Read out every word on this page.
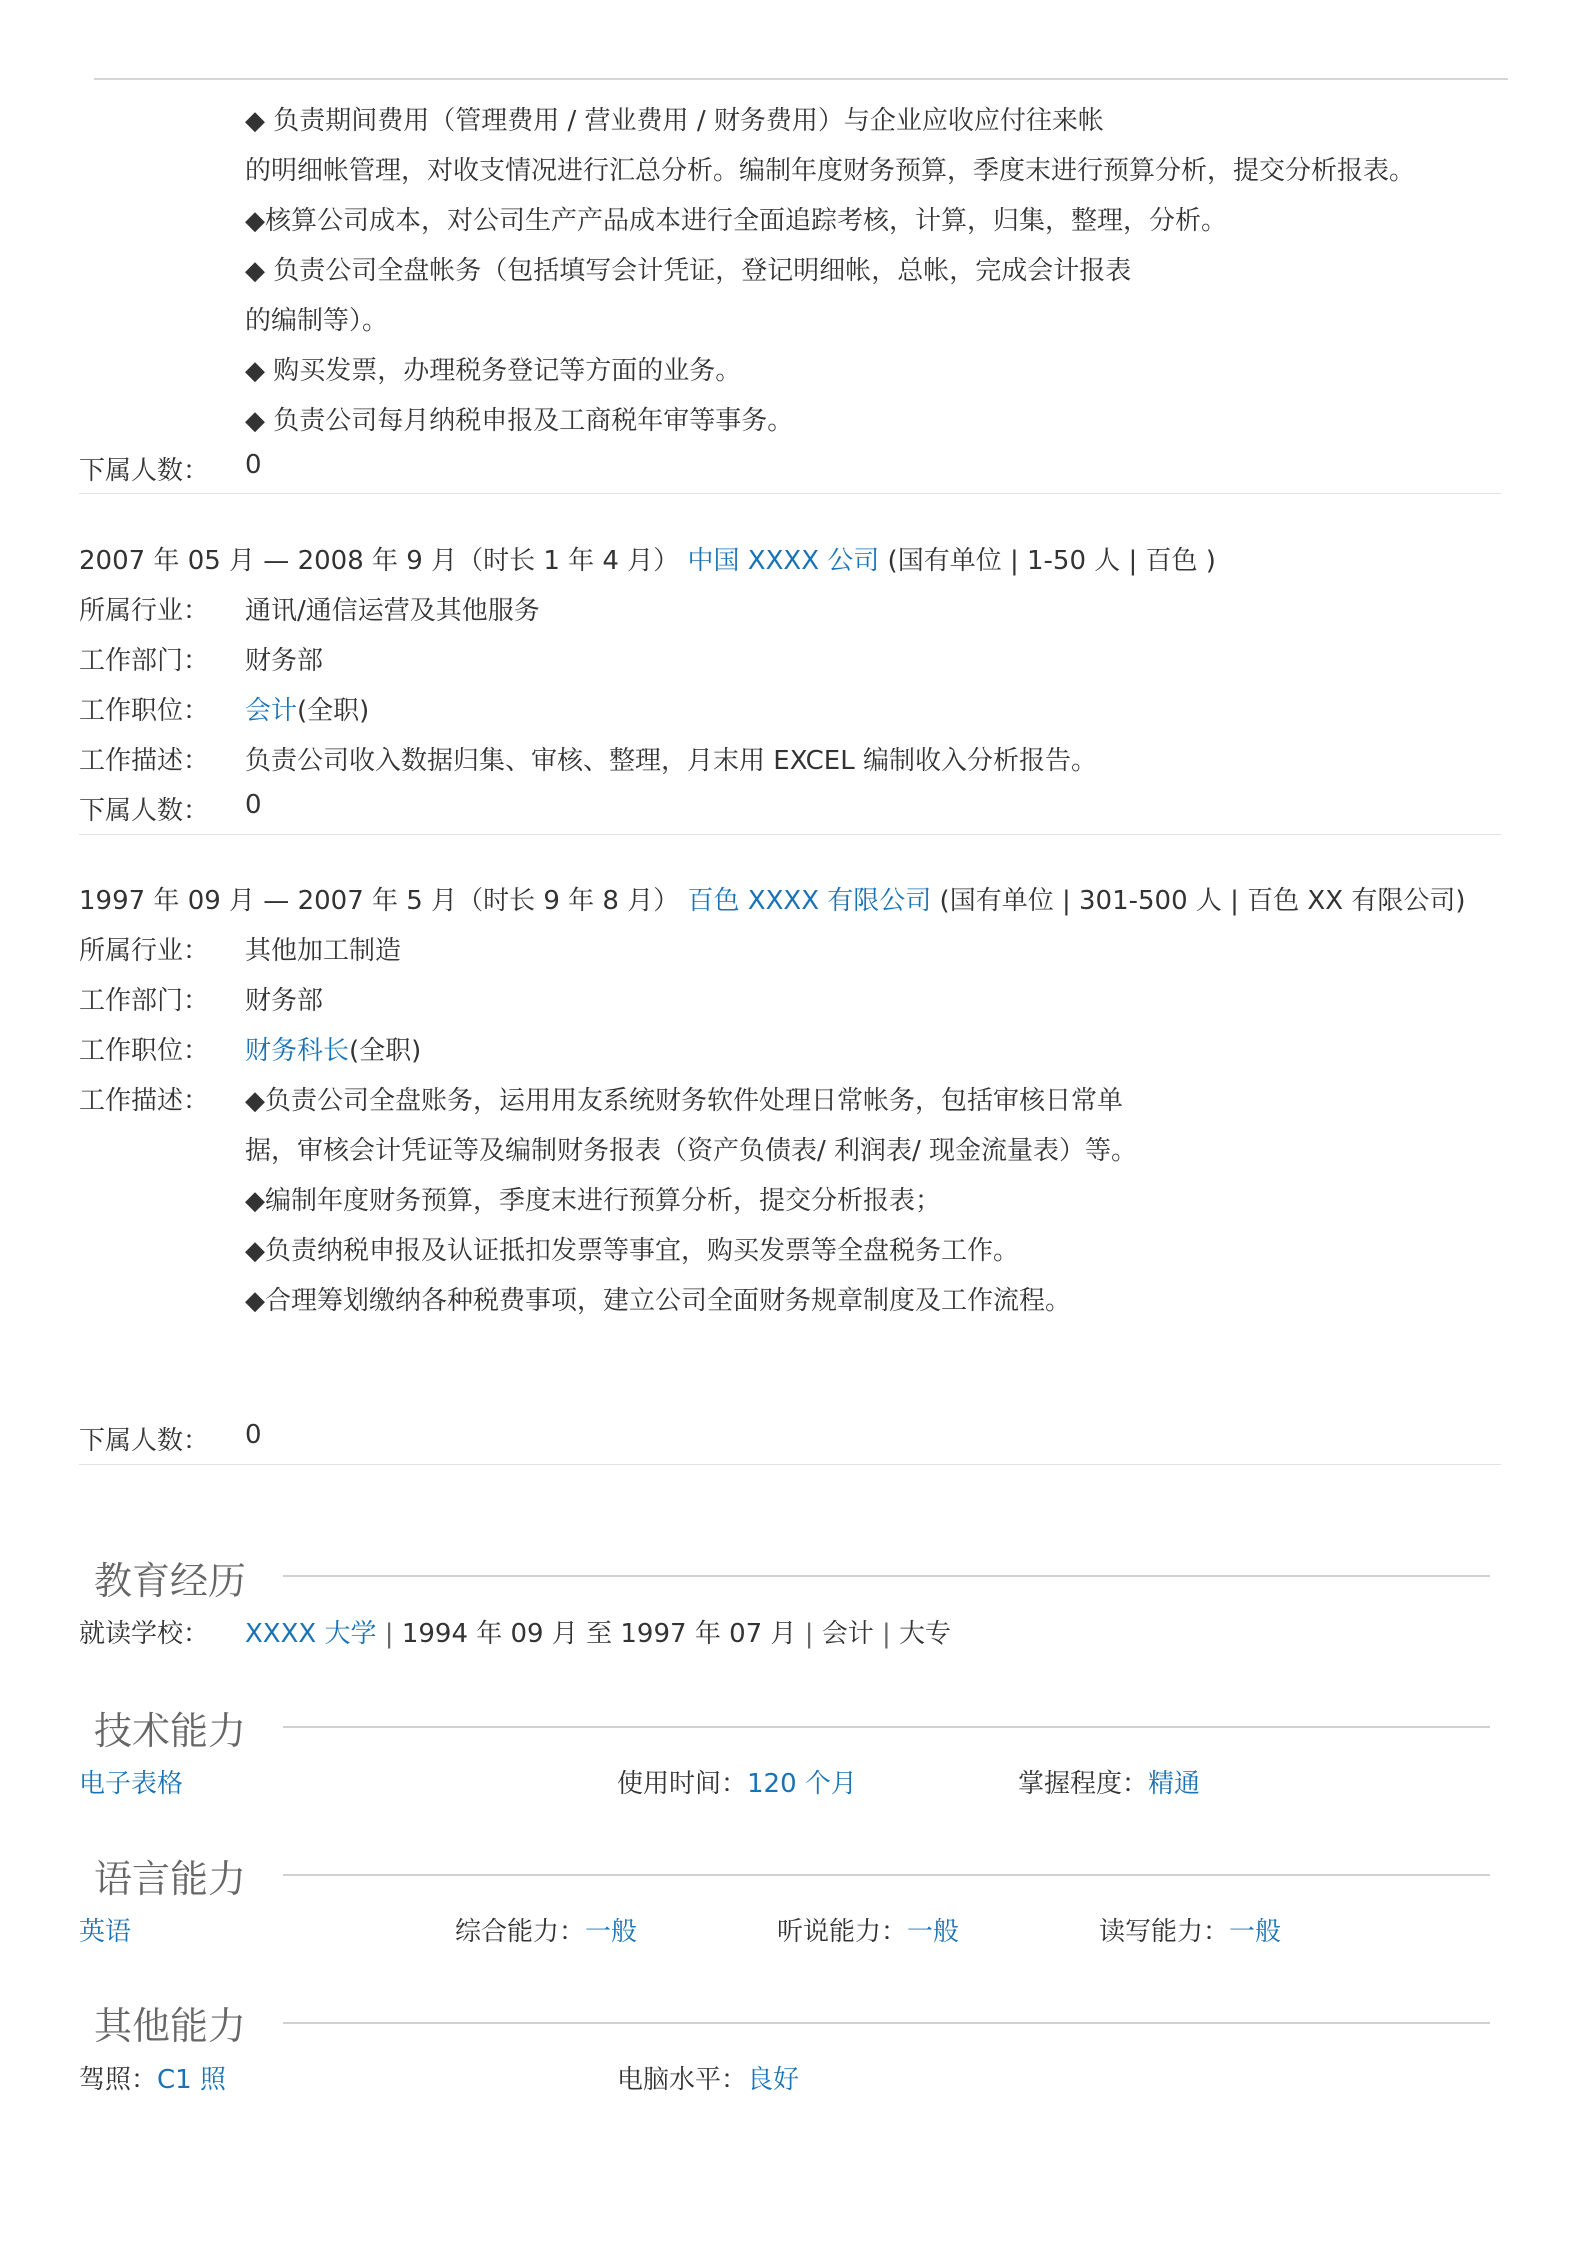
◆ 负责期间费用（管理费用 / 营业费用 / 财务费用）与企业应收应付往来帐
的明细帐管理，对收支情况进行汇总分析。编制年度财务预算，季度末进行预算分析，提交分析报表。
◆核算公司成本，对公司生产产品成本进行全面追踪考核，计算，归集，整理，分析。
◆ 负责公司全盘帐务（包括填写会计凭证，登记明细帐，总帐，完成会计报表
的编制等）。
◆ 购买发票，办理税务登记等方面的业务。
◆ 负责公司每月纳税申报及工商税年审等事务。
下属人数： 0
2007 年 05 月 — 2008 年 9 月（时长 1 年 4 月） 中国 XXXX 公司 (国有单位 | 1-50 人 | 百色 )
所属行业： 通讯/通信运营及其他服务
工作部门： 财务部
工作职位： 会计(全职)
工作描述： 负责公司收入数据归集、审核、整理，月末用 EXCEL 编制收入分析报告。
下属人数： 0
1997 年 09 月 — 2007 年 5 月（时长 9 年 8 月） 百色 XXXX 有限公司 (国有单位 | 301-500 人 | 百色 XX 有限公司)
所属行业： 其他加工制造
工作部门： 财务部
工作职位： 财务科长(全职)
工作描述： ◆负责公司全盘账务，运用用友系统财务软件处理日常帐务，包括审核日常单
据，审核会计凭证等及编制财务报表（资产负债表/ 利润表/ 现金流量表）等。
◆编制年度财务预算，季度末进行预算分析，提交分析报表；
◆负责纳税申报及认证抵扣发票等事宜，购买发票等全盘税务工作。
◆合理筹划缴纳各种税费事项，建立公司全面财务规章制度及工作流程。
下属人数： 0
教育经历
就读学校： XXXX 大学 | 1994 年 09 月 至 1997 年 07 月 | 会计 | 大专
技术能力
电子表格	使用时间：120 个月	掌握程度：精通
语言能力
英语	综合能力：一般	听说能力：一般	读写能力：一般
其他能力
驾照：C1 照	电脑水平：良好
